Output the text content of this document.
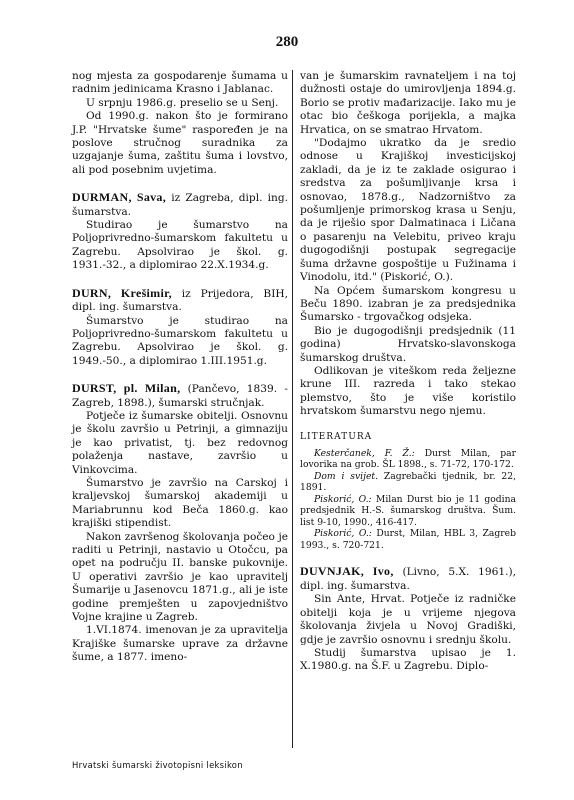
280

nog mjesta za gospodarenje šumama u radnim jedinicama Krasno i Jablanac.

U srpnju 1986.g. preselio se u Senj.

Od 1990.g. nakon što je formirano J.P. "Hrvatske šume" raspoređen je na poslove stručnog suradnika za uzgajanje šuma, zaštitu šuma i lovstvo, ali pod posebnim uvjetima.

DURMAN, Sava, iz Zagreba, dipl. ing. šumarstva.

Studirao je šumarstvo na Poljoprivredno-šumarskom fakultetu u Zagrebu. Apsolvirao je škol. g. 1931.-32., a diplomirao 22.X.1934.g.

DURN, Krešimir, iz Prijedora, BIH, dipl. ing. šumarstva.

Šumarstvo je studirao na Poljoprivredno-šumarskom fakultetu u Zagrebu. Apsolvirao je škol. g. 1949.-50., a diplomirao 1.III.1951.g.

DURST, pl. Milan, (Pančevo, 1839. - Zagreb, 1898.), šumarski stručnjak.

Potječe iz šumarske obitelji. Osnovnu je školu završio u Petrinji, a gimnaziju je kao privatist, tj. bez redovnog polaženja nastave, završio u Vinkovcima.

Šumarstvo je završio na Carskoj i kraljevskoj šumarskoj akademiji u Mariabrunnu kod Beča 1860.g. kao krajiški stipendist.

Nakon završenog školovanja počeo je raditi u Petrinji, nastavio u Otočcu, pa opet na području II. banske pukovnije. U operativi završio je kao upravitelj Šumarije u Jasenovcu 1871.g., ali je iste godine premješten u zapovjedništvo Vojne krajine u Zagreb.

1.VI.1874. imenovan je za upravitelja Krajiške šumarske uprave za državne šume, a 1877. imeno-

van je šumarskim ravnateljem i na toj dužnosti ostaje do umirovljenja 1894.g. Borio se protiv mađarizacije. Iako mu je otac bio češkoga porijekla, a majka Hrvatica, on se smatrao Hrvatom.

"Dodajmo ukratko da je sredio odnose u Krajiškoj investicijskoj zakladi, da je iz te zaklade osigurao i sredstva za pošumljivanje krsa i osnovao, 1878.g., Nadzorništvo za pošumljenje primorskog krasa u Senju, da je riješio spor Dalmatinaca i Ličana o pasarenju na Velebitu, priveo kraju dugogodišnji postupak segregacije šuma državne gospoštije u Fužinama i Vinodolu, itd." (Piskorić, O.).

Na Općem šumarskom kongresu u Beču 1890. izabran je za predsjednika Šumarsko - trgovačkog odsjeka.

Bio je dugogodišnji predsjednik (11 godina) Hrvatsko-slavonskoga šumarskog društva.

Odlikovan je viteškom reda željezne krune III. razreda i tako stekao plemstvo, što je više koristilo hrvatskom šumarstvu nego njemu.

LITERATURA

Kesterčanek, F. Ž.: Durst Milan, par lovorika na grob. ŠL 1898., s. 71-72, 170-172.

Dom i svijet. Zagrebački tjednik, br. 22, 1891.

Piskorić, O.: Milan Durst bio je 11 godina predsjednik H.-S. šumarskog društva. Šum. list 9-10, 1990., 416-417.

Piskorić, O.: Durst, Milan, HBL 3, Zagreb 1993., s. 720-721.

DUVNJAK, Ivo, (Livno, 5.X. 1961.), dipl. ing. šumarstva.

Sin Ante, Hrvat. Potječe iz radničke obitelji koja je u vrijeme njegova školovanja živjela u Novoj Gradiški, gdje je završio osnovnu i srednju školu.

Studij šumarstva upisao je 1. X.1980.g. na Š.F. u Zagrebu. Diplo-

Hrvatski šumarski životopisni leksikon
